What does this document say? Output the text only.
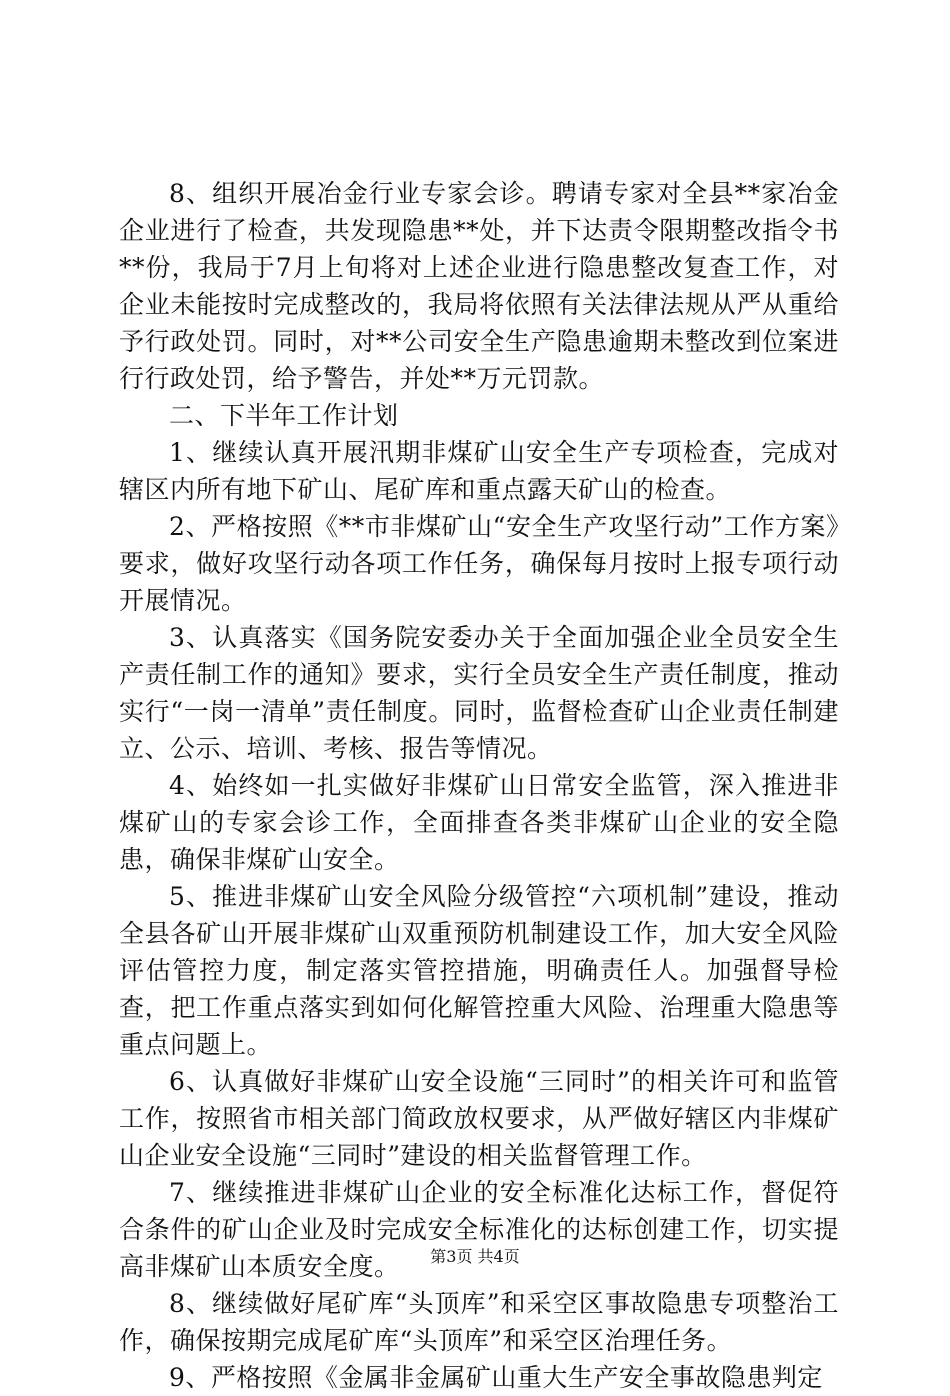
8、组织开展冶金行业专家会诊。聘请专家对全县**家冶金企业进行了检查，共发现隐患**处，并下达责令限期整改指令书**份，我局于7月上旬将对上述企业进行隐患整改复查工作，对企业未能按时完成整改的，我局将依照有关法律法规从严从重给予行政处罚。同时，对**公司安全生产隐患逾期未整改到位案进行行政处罚，给予警告，并处**万元罚款。

二、下半年工作计划

1、继续认真开展汛期非煤矿山安全生产专项检查，完成对辖区内所有地下矿山、尾矿库和重点露天矿山的检查。

2、严格按照《**市非煤矿山“安全生产攻坚行动”工作方案》要求，做好攻坚行动各项工作任务，确保每月按时上报专项行动开展情况。

3、认真落实《国务院安委办关于全面加强企业全员安全生产责任制工作的通知》要求，实行全员安全生产责任制度，推动实行“一岗一清单”责任制度。同时，监督检查矿山企业责任制建立、公示、培训、考核、报告等情况。

4、始终如一扎实做好非煤矿山日常安全监管，深入推进非煤矿山的专家会诊工作，全面排查各类非煤矿山企业的安全隐患，确保非煤矿山安全。

5、推进非煤矿山安全风险分级管控“六项机制”建设，推动全县各矿山开展非煤矿山双重预防机制建设工作，加大安全风险评估管控力度，制定落实管控措施，明确责任人。加强督导检查，把工作重点落实到如何化解管控重大风险、治理重大隐患等重点问题上。

6、认真做好非煤矿山安全设施“三同时”的相关许可和监管工作，按照省市相关部门简政放权要求，从严做好辖区内非煤矿山企业安全设施“三同时”建设的相关监督管理工作。

7、继续推进非煤矿山企业的安全标准化达标工作，督促符合条件的矿山企业及时完成安全标准化的达标创建工作，切实提高非煤矿山本质安全度。

8、继续做好尾矿库“头顶库”和采空区事故隐患专项整治工作，确保按期完成尾矿库“头顶库”和采空区治理任务。

9、严格按照《金属非金属矿山重大生产安全事故隐患判定

第3页 共4页
